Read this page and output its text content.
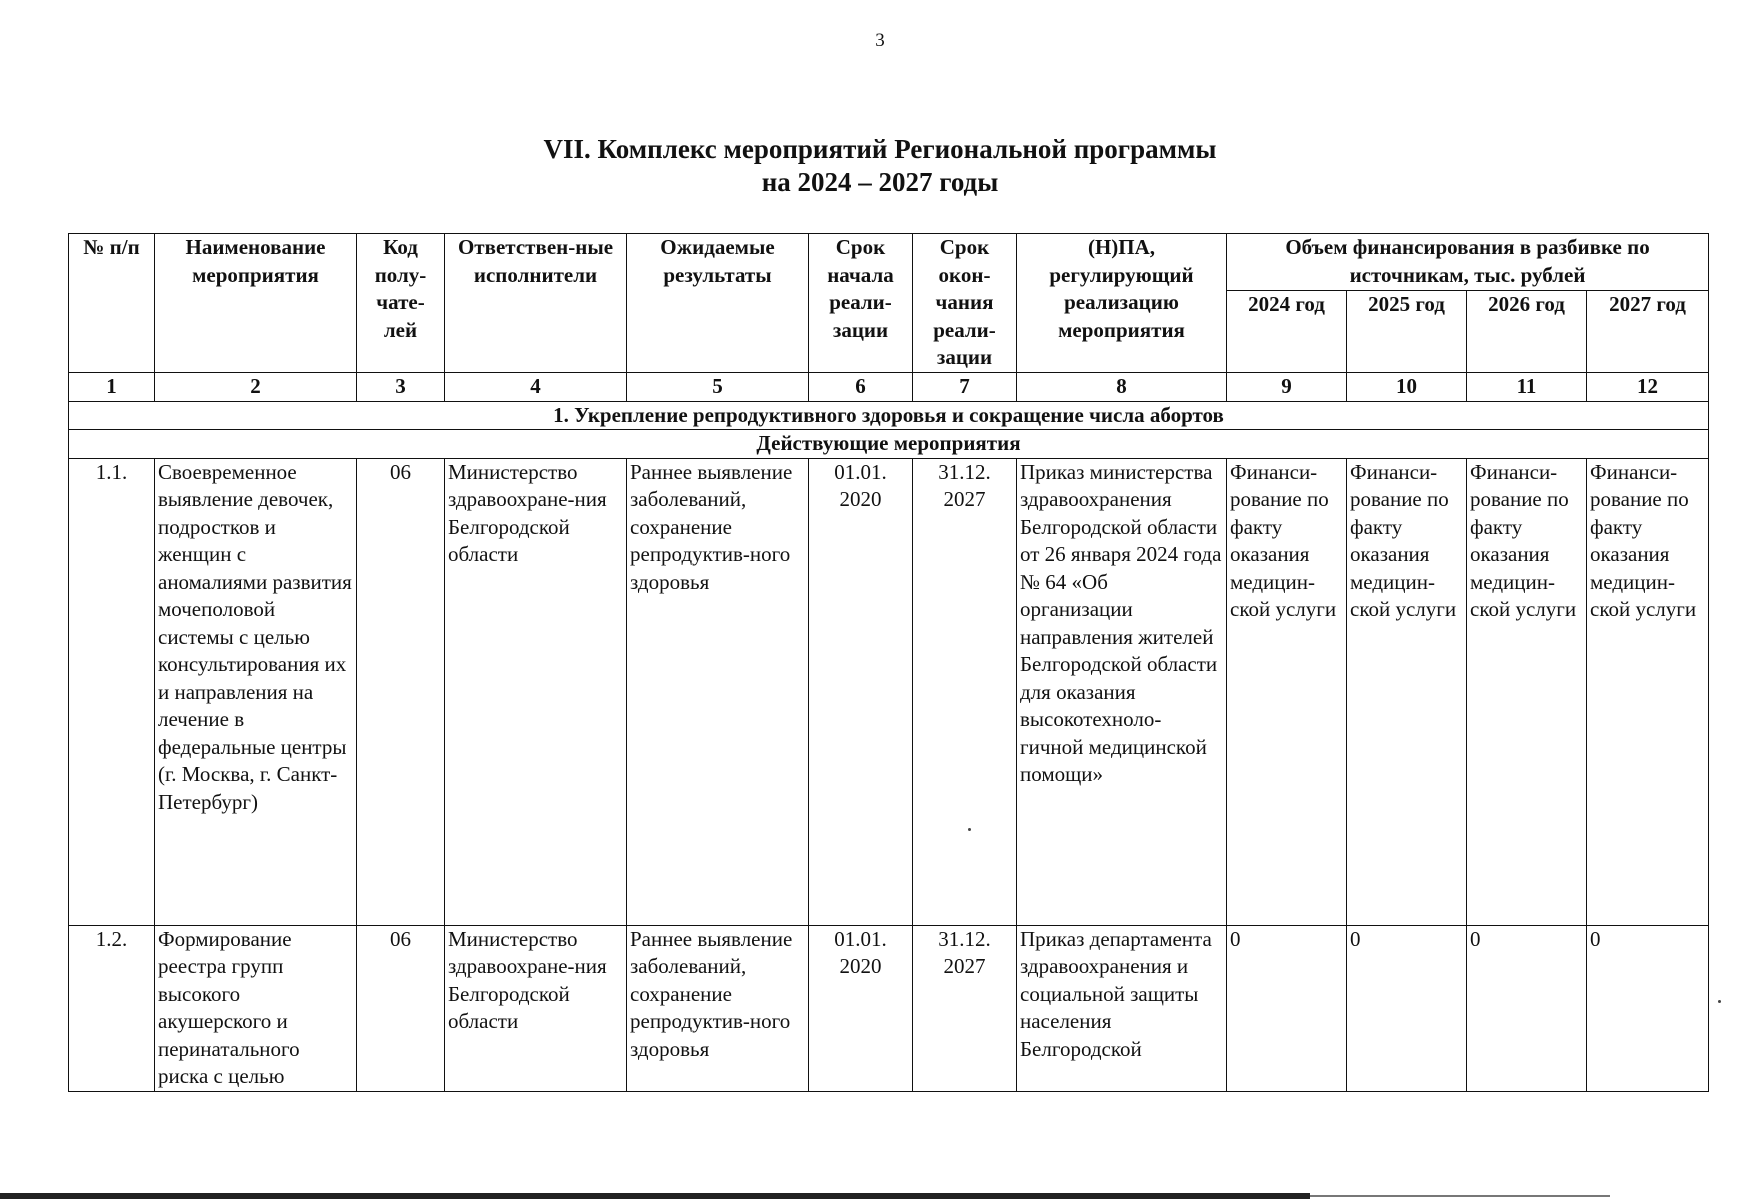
3
VII. Комплекс мероприятий Региональной программы
на 2024 – 2027 годы
№ п/п	Наименование мероприятия	Код полу-чате-лей	Ответствен-ные исполнители	Ожидаемые результаты	Срок начала реали-зации	Срок окон-чания реали-зации	(Н)ПА, регулирующий реализацию мероприятия	Объем финансирования в разбивке по источникам, тыс. рублей			
								2024 год	2025 год	2026 год	2027 год
1	2	3	4	5	6	7	8	9	10	11	12
1. Укрепление репродуктивного здоровья и сокращение числа абортов											
Действующие мероприятия											
1.1.	Своевременное выявление девочек, подростков и женщин с аномалиями развития мочеполовой системы с целью консультирования их и направления на лечение в федеральные центры (г. Москва, г. Санкт-Петербург)	06	Министерство здравоохране-ния Белгородской области	Раннее выявление заболеваний, сохранение репродуктив-ного здоровья	01.01. 2020	31.12. 2027	Приказ министерства здравоохранения Белгородской области от 26 января 2024 года № 64 «Об организации направления жителей Белгородской области для оказания высокотехноло-гичной медицинской помощи»	Финанси-рование по факту оказания медицин-ской услуги	Финанси-рование по факту оказания медицин-ской услуги	Финанси-рование по факту оказания медицин-ской услуги	Финанси-рование по факту оказания медицин-ской услуги
1.2.	Формирование реестра групп высокого акушерского и перинатального риска с целью	06	Министерство здравоохране-ния Белгородской области	Раннее выявление заболеваний, сохранение репродуктив-ного здоровья	01.01. 2020	31.12. 2027	Приказ департамента здравоохранения и социальной защиты населения Белгородской	0	0	0	0
